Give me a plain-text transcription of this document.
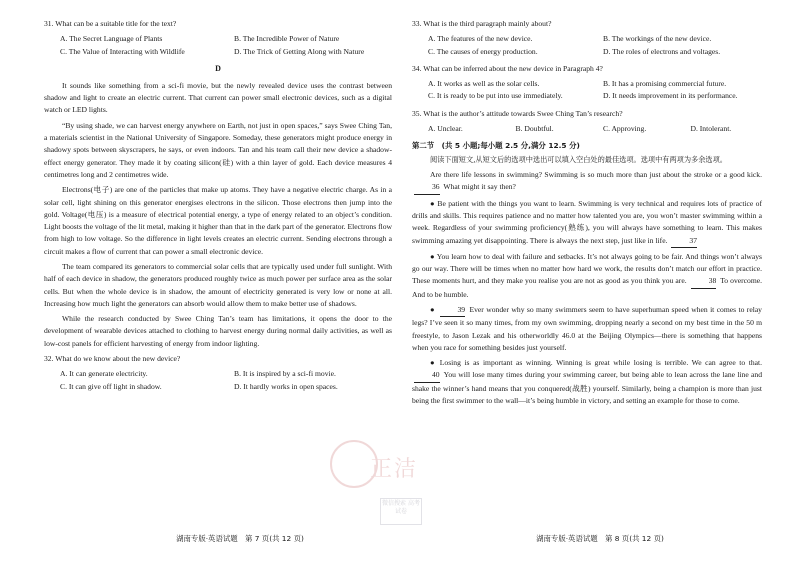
31. What can be a suitable title for the text?

A. The Secret Language of Plants	B. The Incredible Power of Nature
C. The Value of Interacting with Wildlife	D. The Trick of Getting Along with Nature
D

It sounds like something from a sci-fi movie, but the newly revealed device uses the contrast between shadow and light to create an electric current. That current can power small electronic devices, such as a digital watch or LED lights.

“By using shade, we can harvest energy anywhere on Earth, not just in open spaces,” says Swee Ching Tan, a materials scientist in the National University of Singapore. Someday, these generators might produce energy in shadowy spots between skyscrapers, he says, or even indoors. Tan and his team call their new device a shadow-effect energy generator. They made it by coating silicon(硅) with a thin layer of gold. Each device measures 4 centimetres long and 2 centimetres wide.

Electrons(电子) are one of the particles that make up atoms. They have a negative electric charge. As in a solar cell, light shining on this generator energises electrons in the silicon. Those electrons then jump into the gold. Voltage(电压) is a measure of electrical potential energy, a type of energy related to an object’s condition. Light boosts the voltage of the lit metal, making it higher than that in the dark part of the generator. Electrons flow from high to low voltage. So the difference in light levels creates an electric current. Sending electrons through a circuit makes a flow of current that can power a small electronic device.

The team compared its generators to commercial solar cells that are typically used under full sunlight. With half of each device in shadow, the generators produced roughly twice as much power per surface area as the solar cells. But when the whole device is in shadow, the amount of electricity generated is very low or none at all. Increasing how much light the generators can absorb would allow them to make better use of shadows.

While the research conducted by Swee Ching Tan’s team has limitations, it opens the door to the development of wearable devices attached to clothing to harvest energy during normal daily activities, as well as low-cost panels for efficient harvesting of energy from indoor lighting.

32. What do we know about the new device?

A. It can generate electricity.	B. It is inspired by a sci-fi movie.
C. It can give off light in shadow.	D. It hardly works in open spaces.

33. What is the third paragraph mainly about?

A. The features of the new device.	B. The workings of the new device.
C. The causes of energy production.	D. The roles of electrons and voltages.

34. What can be inferred about the new device in Paragraph 4?

A. It works as well as the solar cells.	B. It has a promising commercial future.
C. It is ready to be put into use immediately.	D. It needs improvement in its performance.

35. What is the author’s attitude towards Swee Ching Tan’s research?

A. Unclear.	B. Doubtful.	C. Approving.	D. Intolerant.
第二节　(共 5 小题;每小题 2.5 分,满分 12.5 分)

阅读下面短文,从短文后的选项中选出可以填入空白处的最佳选项。选项中有两项为多余选项。

Are there life lessons in swimming? Swimming is so much more than just about the stroke or a good kick. 36 What might it say then?

● Be patient with the things you want to learn. Swimming is very technical and requires lots of practice of drills and skills. This requires patience and no matter how talented you are, you won’t master swimming within a week. Regardless of your swimming proficiency(熟练), you will always have something to learn. This makes swimming amazing yet disappointing. There is always the next step, just like in life.	37

● You learn how to deal with failure and setbacks. It’s not always going to be fair. And things won’t always go our way. There will be times when no matter how hard we work, the results don’t match our effort in practice. These moments hurt, and they make you realise you are not as good as you think you are.	38 To overcome. And to be humble.

●	39 Ever wonder why so many swimmers seem to have superhuman speed when it comes to relay legs? I’ve seen it so many times, from my own swimming, dropping nearly a second on my best time in the 50 m freestyle, to Jason Lezak and his otherworldly 46.0 at the Beijing Olympics—there is something that happens when you race for something besides just yourself.

● Losing is as important as winning. Winning is great while losing is terrible. We can agree to that. 40 You will lose many times during your swimming career, but being able to lean across the lane line and shake the winner’s hand means that you conquered(战胜) yourself. Similarly, being a champion is more than just being the first swimmer to the wall—it’s being humble in victory, and setting an example for those to come.

正洁
微信搜索 高考试卷
湖南专版·英语试题　第 7 页(共 12 页)	湖南专版·英语试题　第 8 页(共 12 页)
